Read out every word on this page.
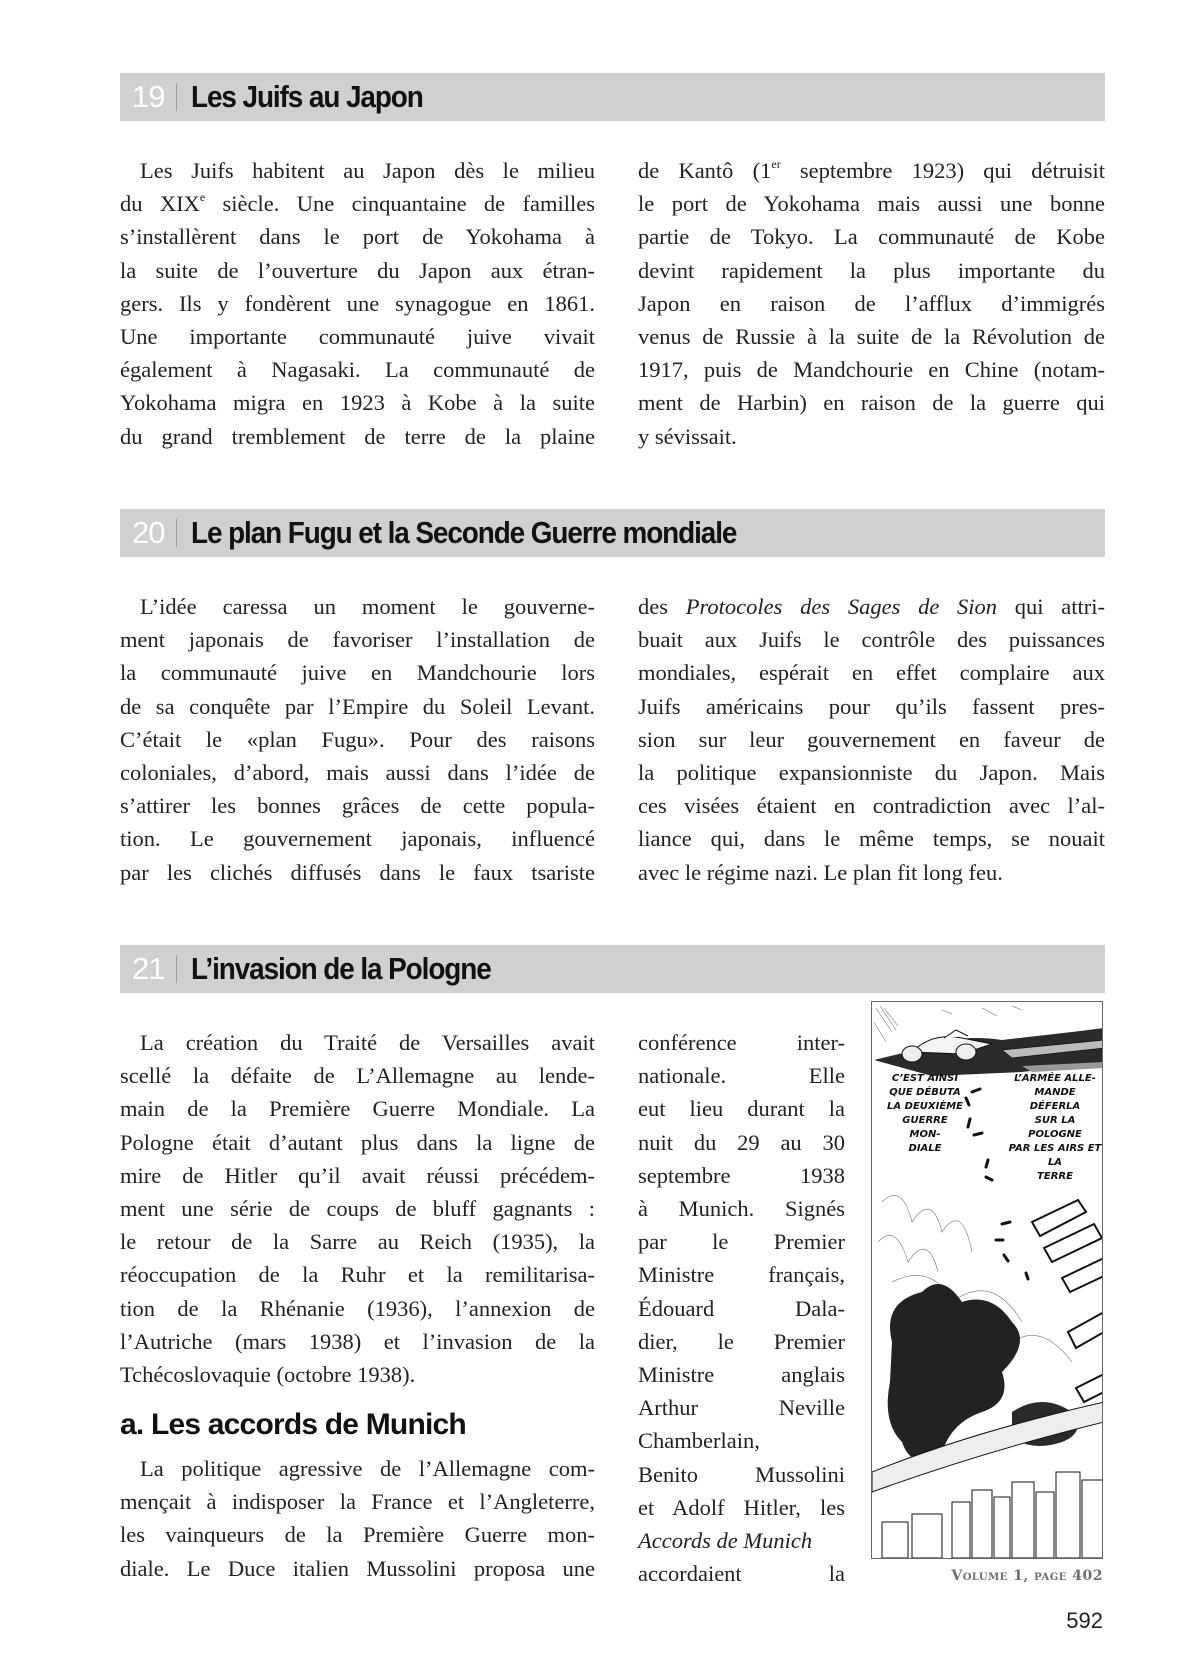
19 Les Juifs au Japon
Les Juifs habitent au Japon dès le milieu
du XIXe siècle. Une cinquantaine de familles
s’installèrent dans le port de Yokohama à
la suite de l’ouverture du Japon aux étran-
gers. Ils y fondèrent une synagogue en 1861.
Une importante communauté juive vivait
également à Nagasaki. La communauté de
Yokohama migra en 1923 à Kobe à la suite
du grand tremblement de terre de la plaine
de Kantô (1er septembre 1923) qui détruisit
le port de Yokohama mais aussi une bonne
partie de Tokyo. La communauté de Kobe
devint rapidement la plus importante du
Japon en raison de l’afflux d’immigrés
venus de Russie à la suite de la Révolution de
1917, puis de Mandchourie en Chine (notam-
ment de Harbin) en raison de la guerre qui
y sévissait.
20 Le plan Fugu et la Seconde Guerre mondiale
L’idée caressa un moment le gouverne-
ment japonais de favoriser l’installation de
la communauté juive en Mandchourie lors
de sa conquête par l’Empire du Soleil Levant.
C’était le «plan Fugu». Pour des raisons
coloniales, d’abord, mais aussi dans l’idée de
s’attirer les bonnes grâces de cette popula-
tion. Le gouvernement japonais, influencé
par les clichés diffusés dans le faux tsariste
des Protocoles des Sages de Sion qui attri-
buait aux Juifs le contrôle des puissances
mondiales, espérait en effet complaire aux
Juifs américains pour qu’ils fassent pres-
sion sur leur gouvernement en faveur de
la politique expansionniste du Japon. Mais
ces visées étaient en contradiction avec l’al-
liance qui, dans le même temps, se nouait
avec le régime nazi. Le plan fit long feu.
21 L’invasion de la Pologne
La création du Traité de Versailles avait
scellé la défaite de L’Allemagne au lende-
main de la Première Guerre Mondiale. La
Pologne était d’autant plus dans la ligne de
mire de Hitler qu’il avait réussi précédem-
ment une série de coups de bluff gagnants :
le retour de la Sarre au Reich (1935), la
réoccupation de la Ruhr et la remilitarisa-
tion de la Rhénanie (1936), l’annexion de
l’Autriche (mars 1938) et l’invasion de la
Tchécoslovaquie (octobre 1938).
a. Les accords de Munich
La politique agressive de l’Allemagne com-
mençait à indisposer la France et l’Angleterre,
les vainqueurs de la Première Guerre mon-
diale. Le Duce italien Mussolini proposa une
conférence inter-
nationale. Elle
eut lieu durant la
nuit du 29 au 30
septembre 1938
à Munich. Signés
par le Premier
Ministre français,
Édouard Dala-
dier, le Premier
Ministre anglais
Arthur Neville
Chamberlain,
Benito Mussolini
et Adolf Hitler, les
Accords de Munich
accordaient la
C’EST AINSI
QUE DÉBUTA
LA DEUXIÈME
GUERRE MON-
DIALE
L’ARMÉE ALLE-
MANDE DÉFERLA
SUR LA POLOGNE
PAR LES AIRS ET LA
TERRE
Volume 1, page 402
592
